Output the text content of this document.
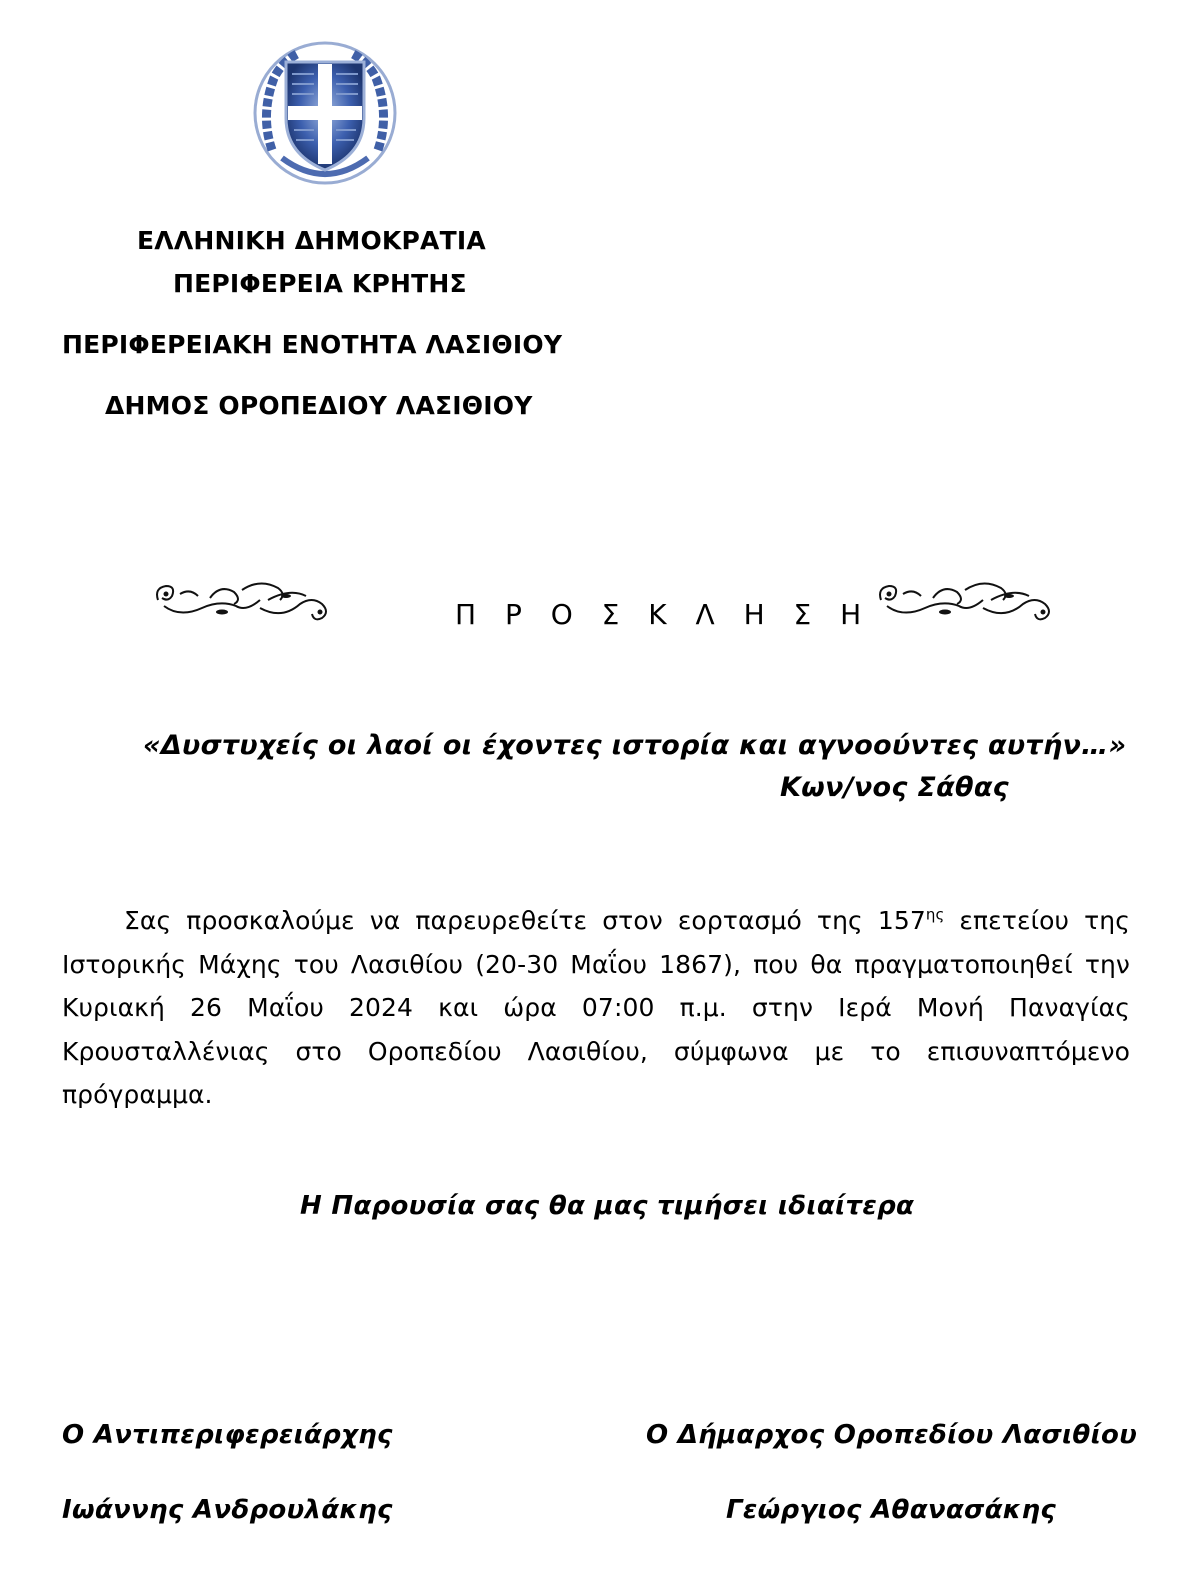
ΕΛΛΗΝΙΚΗ ΔΗΜΟΚΡΑΤΙΑ
ΠΕΡΙΦΕΡΕΙΑ ΚΡΗΤΗΣ
ΠΕΡΙΦΕΡΕΙΑΚΗ ΕΝΟΤΗΤΑ ΛΑΣΙΘΙΟΥ
ΔΗΜΟΣ ΟΡΟΠΕΔΙΟΥ ΛΑΣΙΘΙΟΥ
Π Ρ Ο Σ Κ Λ Η Σ Η
«Δυστυχείς οι λαοί οι έχοντες ιστορία και αγνοούντες αυτήν…»
Κων/νος Σάθας
Σας προσκαλούμε να παρευρεθείτε στον εορτασμό της $157^{\eta\varsigma}$ επετείου της Ιστορικής Μάχης του Λασιθίου (20-30 Μαΐου 1867), που θα πραγματοποιηθεί την Κυριακή 26 Μαΐου 2024 και ώρα 07:00 π.μ. στην Ιερά Μονή Παναγίας Κρουσταλλένιας στο Οροπεδίου Λασιθίου, σύμφωνα με το επισυναπτόμενο πρόγραμμα.
Η Παρουσία σας θα μας τιμήσει ιδιαίτερα
Ο Αντιπεριφερειάρχης
Ιωάννης Ανδρουλάκης
Ο Δήμαρχος Οροπεδίου Λασιθίου
Γεώργιος Αθανασάκης
